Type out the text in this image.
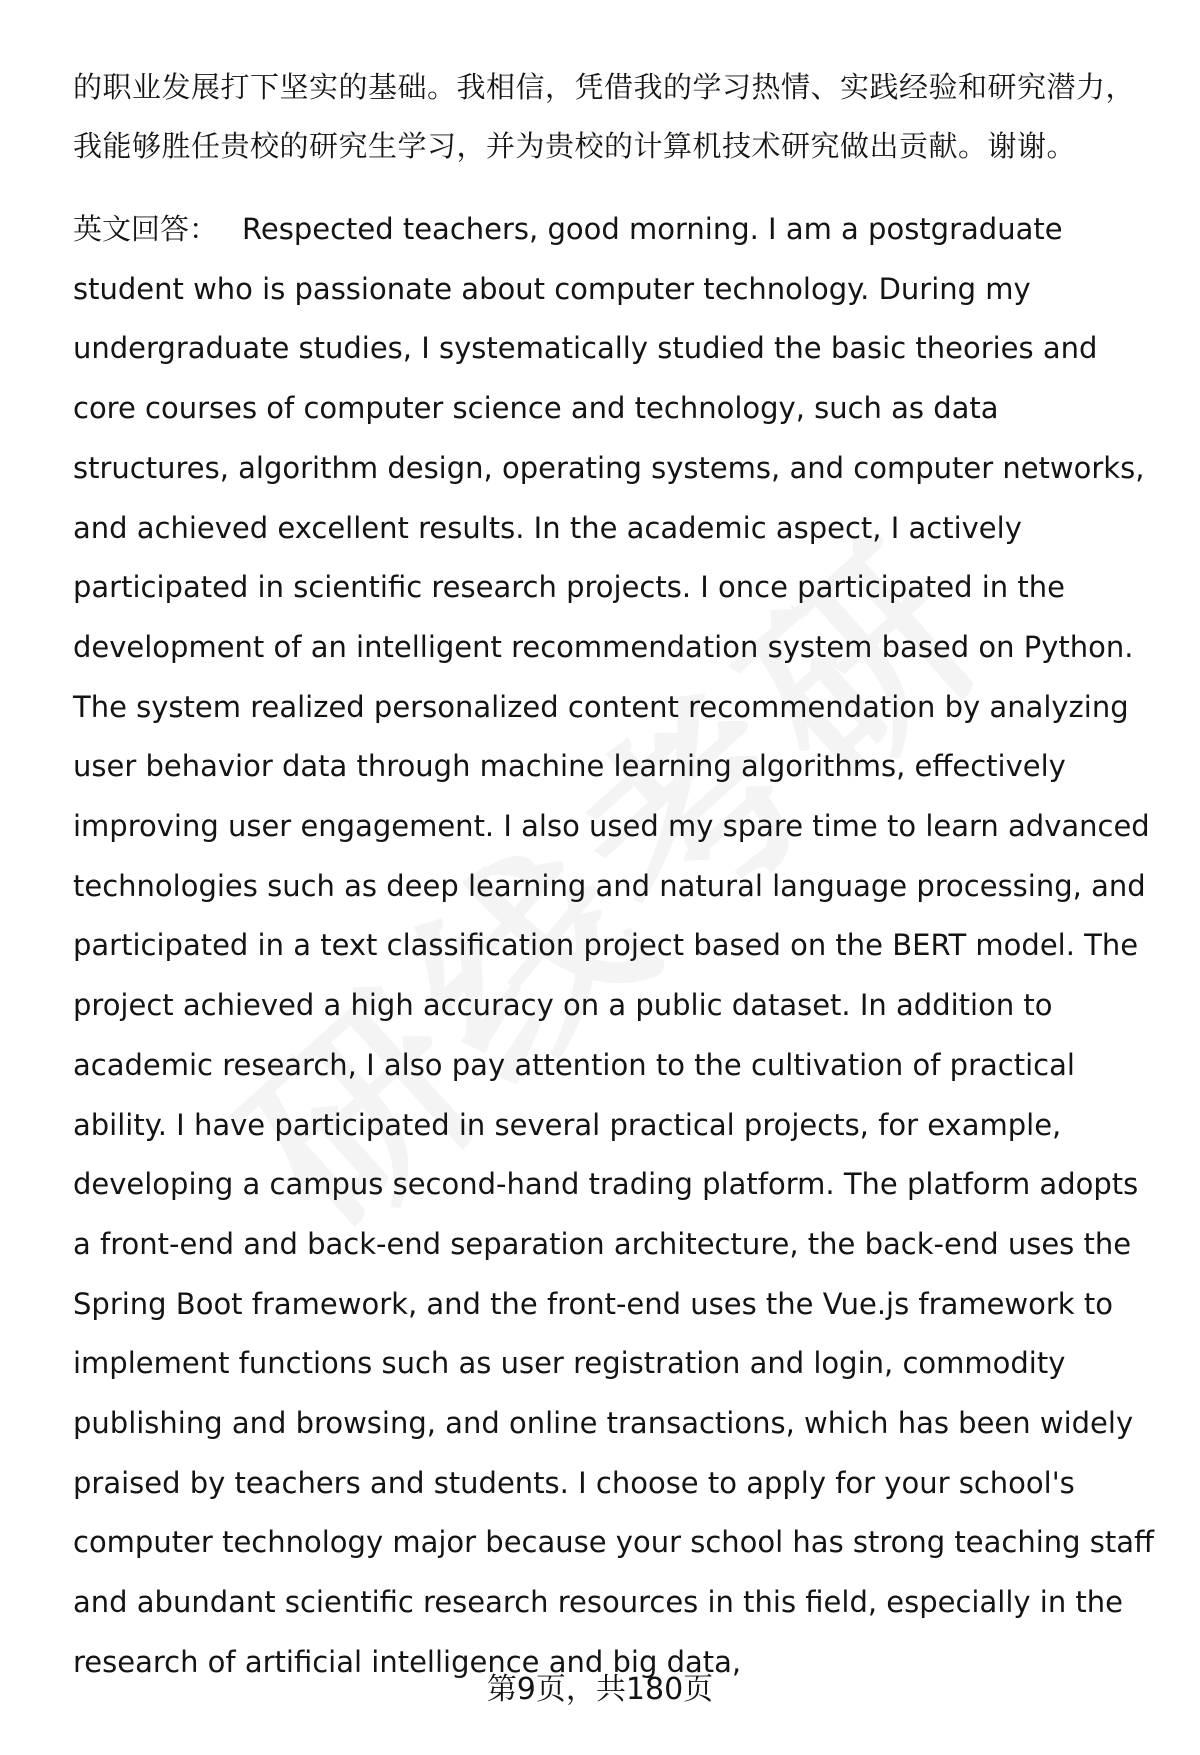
的职业发展打下坚实的基础。我相信，凭借我的学习热情、实践经验和研究潜力，我能够胜任贵校的研究生学习，并为贵校的计算机技术研究做出贡献。谢谢。

英文回答： Respected teachers, good morning. I am a postgraduate student who is passionate about computer technology. During my undergraduate studies, I systematically studied the basic theories and core courses of computer science and technology, such as data structures, algorithm design, operating systems, and computer networks, and achieved excellent results. In the academic aspect, I actively participated in scientific research projects. I once participated in the development of an intelligent recommendation system based on Python. The system realized personalized content recommendation by analyzing user behavior data through machine learning algorithms, effectively improving user engagement. I also used my spare time to learn advanced technologies such as deep learning and natural language processing, and participated in a text classification project based on the BERT model. The project achieved a high accuracy on a public dataset. In addition to academic research, I also pay attention to the cultivation of practical ability. I have participated in several practical projects, for example, developing a campus second-hand trading platform. The platform adopts a front-end and back-end separation architecture, the back-end uses the Spring Boot framework, and the front-end uses the Vue.js framework to implement functions such as user registration and login, commodity publishing and browsing, and online transactions, which has been widely praised by teachers and students. I choose to apply for your school's computer technology major because your school has strong teaching staff and abundant scientific research resources in this field, especially in the research of artificial intelligence and big data,

第9页，共180页
